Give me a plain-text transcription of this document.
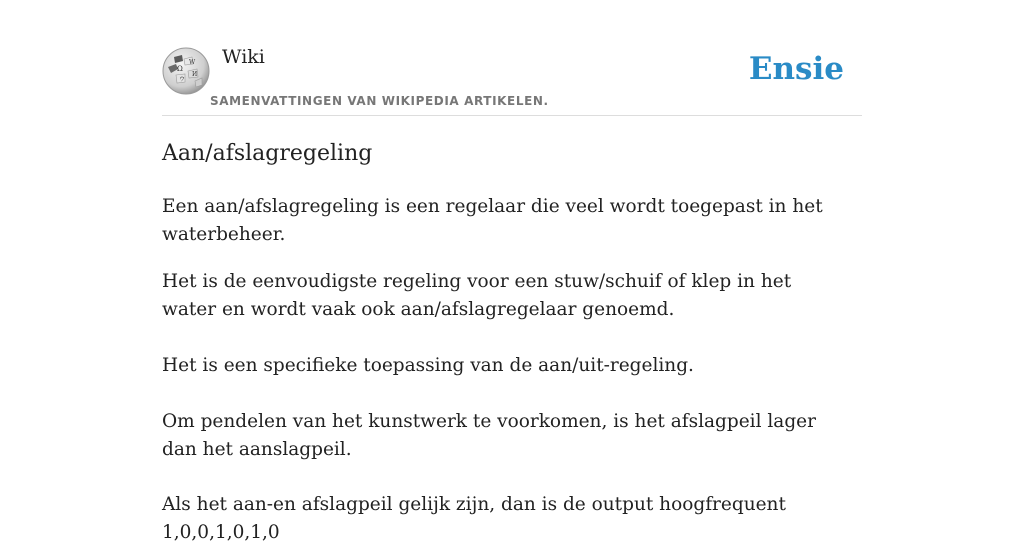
Ω
W
И
ウ
Wiki
SAMENVATTINGEN VAN WIKIPEDIA ARTIKELEN.
Ensie
Aan/afslagregeling

Een aan/afslagregeling is een regelaar die veel wordt toegepast in het waterbeheer.

Het is de eenvoudigste regeling voor een stuw/schuif of klep in het water en wordt vaak ook aan/afslagregelaar genoemd.

Het is een specifieke toepassing van de aan/uit-regeling.

Om pendelen van het kunstwerk te voorkomen, is het afslagpeil lager dan het aanslagpeil.

Als het aan-en afslagpeil gelijk zijn, dan is de output hoogfrequent 1,0,0,1,0,1,0
